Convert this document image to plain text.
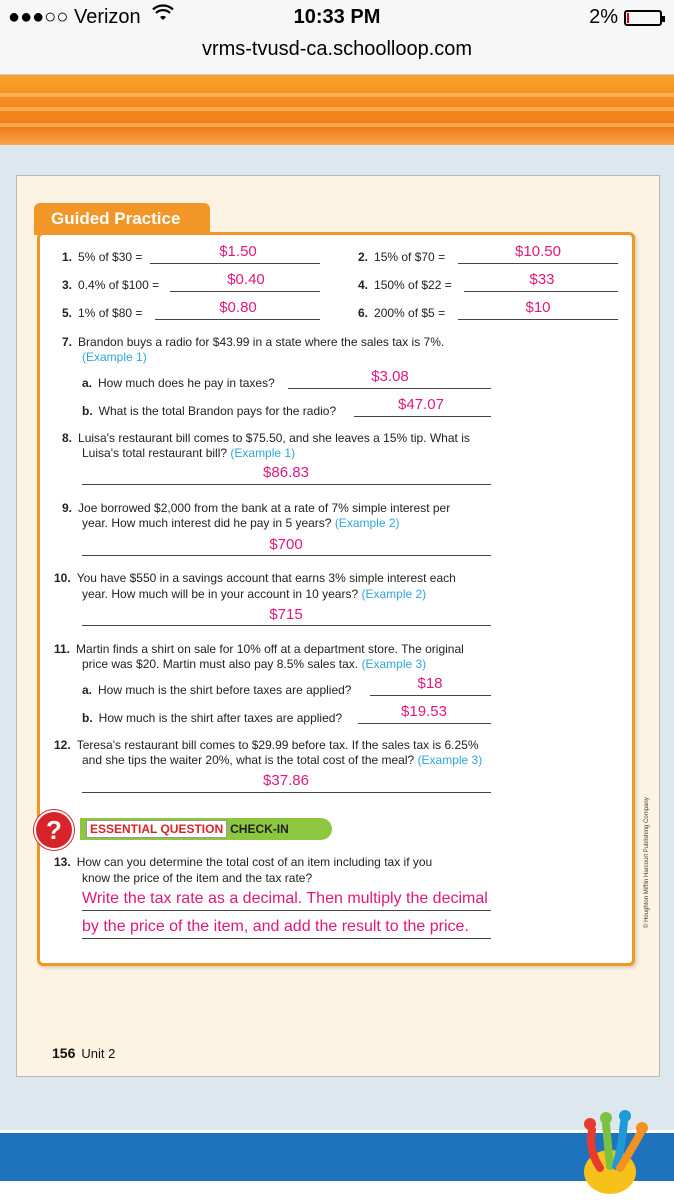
●●●○○ Verizon	10:33 PM	2%
vrms-tvusd-ca.schoolloop.com
Guided Practice
1. 5% of $30 =	$1.50	2. 15% of $70 =	$10.50
3. 0.4% of $100 =	$0.40	4. 150% of $22 =	$33
5. 1% of $80 =	$0.80	6. 200% of $5 =	$10
7. Brandon buys a radio for $43.99 in a state where the sales tax is 7%.
(Example 1)
a. How much does he pay in taxes?	$3.08
b. What is the total Brandon pays for the radio?	$47.07
8. Luisa's restaurant bill comes to $75.50, and she leaves a 15% tip. What is
Luisa's total restaurant bill? (Example 1)
$86.83
9. Joe borrowed $2,000 from the bank at a rate of 7% simple interest per
year. How much interest did he pay in 5 years? (Example 2)
$700
10. You have $550 in a savings account that earns 3% simple interest each
year. How much will be in your account in 10 years? (Example 2)
$715
11. Martin finds a shirt on sale for 10% off at a department store. The original
price was $20. Martin must also pay 8.5% sales tax. (Example 3)
a. How much is the shirt before taxes are applied?	$18
b. How much is the shirt after taxes are applied?	$19.53
12. Teresa's restaurant bill comes to $29.99 before tax. If the sales tax is 6.25%
and she tips the waiter 20%, what is the total cost of the meal? (Example 3)
$37.86
ESSENTIAL QUESTION CHECK-IN
?
13. How can you determine the total cost of an item including tax if you
know the price of the item and the tax rate?
Write the tax rate as a decimal. Then multiply the decimal
by the price of the item, and add the result to the price.	© Houghton Mifflin Harcourt Publishing Company
156 Unit 2
